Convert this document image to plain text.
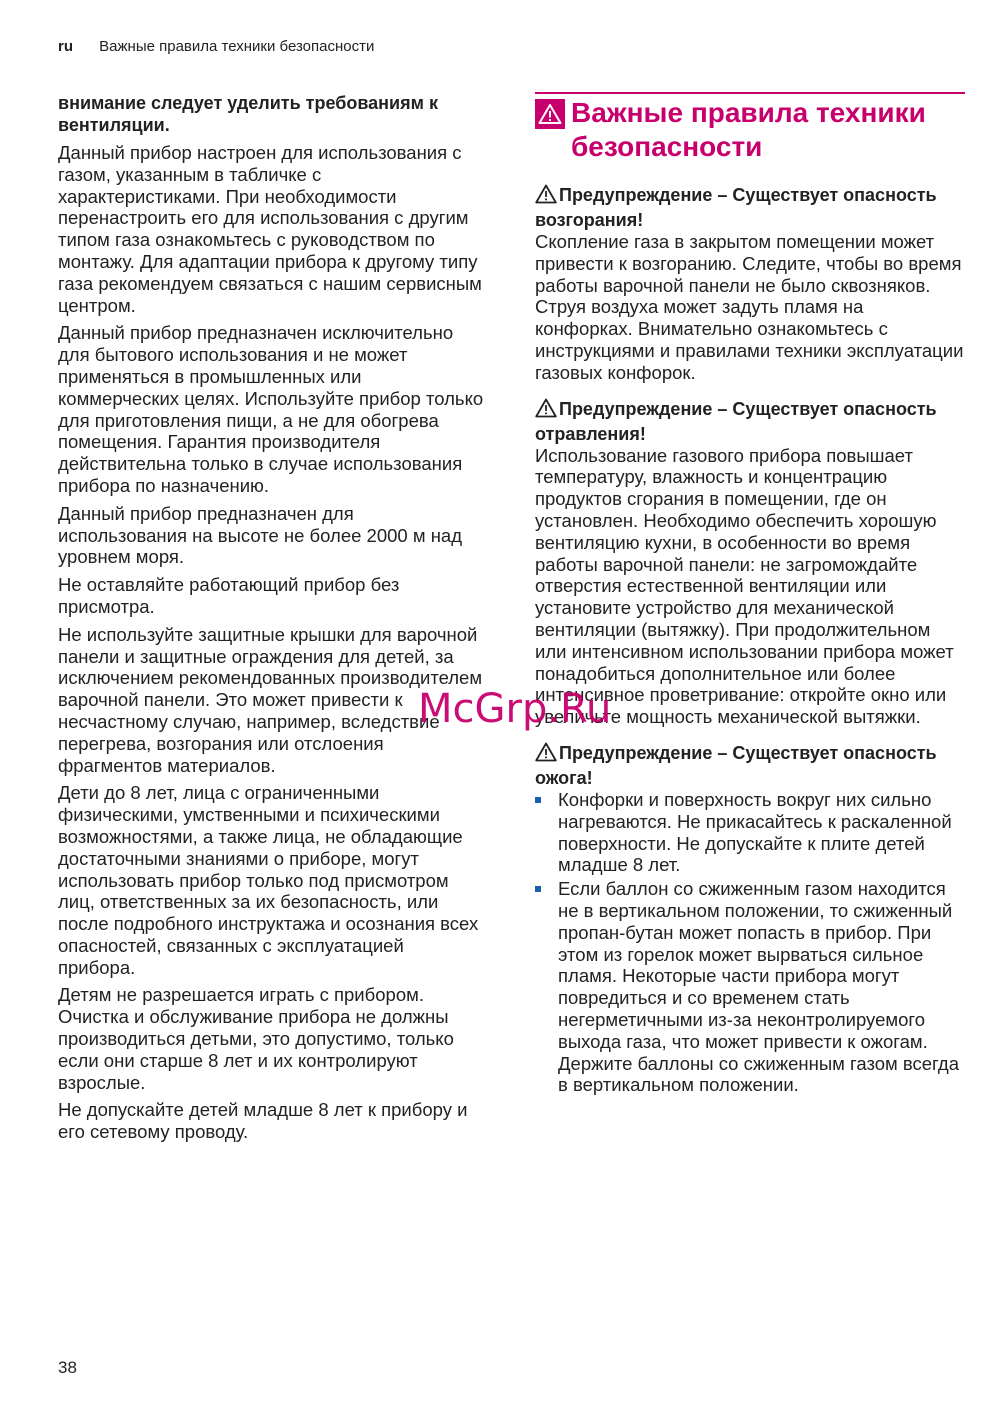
ru Важные правила техники безопасности

внимание следует уделить требованиям к вентиляции.

Данный прибор настроен для использования с газом, указанным в табличке с характеристиками. При необходимости перенастроить его для использования с другим типом газа ознакомьтесь с руководством по монтажу. Для адаптации прибора к другому типу газа рекомендуем связаться с нашим сервисным центром.

Данный прибор предназначен исключительно для бытового использования и не может применяться в промышленных или коммерческих целях. Используйте прибор только для приготовления пищи, а не для обогрева помещения. Гарантия производителя действительна только в случае использования прибора по назначению.

Данный прибор предназначен для использования на высоте не более 2000 м над уровнем моря.

Не оставляйте работающий прибор без присмотра.

Не используйте защитные крышки для варочной панели и защитные ограждения для детей, за исключением рекомендованных производителем варочной панели. Это может привести к несчастному случаю, например, вследствие перегрева, возгорания или отслоения фрагментов материалов.

Дети до 8 лет, лица с ограниченными физическими, умственными и психическими возможностями, а также лица, не обладающие достаточными знаниями о приборе, могут использовать прибор только под присмотром лиц, ответственных за их безопасность, или после подробного инструктажа и осознания всех опасностей, связанных с эксплуатацией прибора.

Детям не разрешается играть с прибором. Очистка и обслуживание прибора не должны производиться детьми, это допустимо, только если они старше 8 лет и их контролируют взрослые.

Не допускайте детей младше 8 лет к прибору и его сетевому проводу.

Важные правила техники безопасности

Предупреждение – Существует опасность возгорания!

Скопление газа в закрытом помещении может привести к возгоранию. Следите, чтобы во время работы варочной панели не было сквозняков. Струя воздуха может задуть пламя на конфорках. Внимательно ознакомьтесь с инструкциями и правилами техники эксплуатации газовых конфорок.

Предупреждение – Существует опасность отравления!

Использование газового прибора повышает температуру, влажность и концентрацию продуктов сгорания в помещении, где он установлен. Необходимо обеспечить хорошую вентиляцию кухни, в особенности во время работы варочной панели: не загромождайте отверстия естественной вентиляции или установите устройство для механической вентиляции (вытяжку). При продолжительном или интенсивном использовании прибора может понадобиться дополнительное или более интенсивное проветривание: откройте окно или увеличьте мощность механической вытяжки.

Предупреждение – Существует опасность ожога!

Конфорки и поверхность вокруг них сильно нагреваются. Не прикасайтесь к раскаленной поверхности. Не допускайте к плите детей младше 8 лет.
Если баллон со сжиженным газом находится не в вертикальном положении, то сжиженный пропан-бутан может попасть в прибор. При этом из горелок может вырваться сильное пламя. Некоторые части прибора могут повредиться и со временем стать негерметичными из-за неконтролируемого выхода газа, что может привести к ожогам. Держите баллоны со сжиженным газом всегда в вертикальном положении.
McGrp.Ru
38
